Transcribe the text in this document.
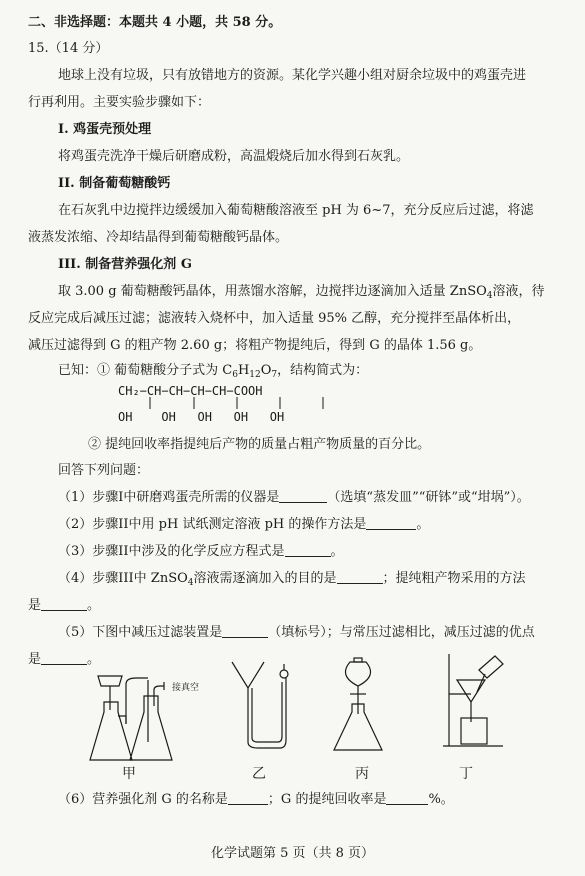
二、非选择题：本题共 4 小题，共 58 分。
15.（14 分）
地球上没有垃圾，只有放错地方的资源。某化学兴趣小组对厨余垃圾中的鸡蛋壳进
行再利用。主要实验步骤如下：
I. 鸡蛋壳预处理
将鸡蛋壳洗净干燥后研磨成粉，高温煅烧后加水得到石灰乳。
II. 制备葡萄糖酸钙
在石灰乳中边搅拌边缓缓加入葡萄糖酸溶液至 pH 为 6~7，充分反应后过滤，将滤
液蒸发浓缩、冷却结晶得到葡萄糖酸钙晶体。
III. 制备营养强化剂 G
取 3.00 g 葡萄糖酸钙晶体，用蒸馏水溶解，边搅拌边逐滴加入适量 ZnSO$_4$溶液，待
反应完成后减压过滤；滤液转入烧杯中，加入适量 95% 乙醇，充分搅拌至晶体析出，
减压过滤得到 G 的粗产物 2.60 g；将粗产物提纯后，得到 G 的晶体 1.56 g。
已知：① 葡萄糖酸分子式为 $C_6H_{12}O_7$，结构简式为：
CH₂−CH−CH−CH−CH−COOH
OH    OH   OH   OH   OH
② 提纯回收率指提纯后产物的质量占粗产物质量的百分比。
回答下列问题：
（1）步骤I中研磨鸡蛋壳所需的仪器是	（选填“蒸发皿”“研钵”或“坩埚”）。
（2）步骤II中用 pH 试纸测定溶液 pH 的操作方法是	。
（3）步骤II中涉及的化学反应方程式是	。
（4）步骤III中 ZnSO$_4$溶液需逐滴加入的目的是	；提纯粗产物采用的方法
是	。
（5）下图中减压过滤装置是	（填标号）；与常压过滤相比，减压过滤的优点
是	。
接真空
甲	乙	丙	丁
（6）营养强化剂 G 的名称是	；G 的提纯回收率是	%。
化学试题第 5 页（共 8 页）
